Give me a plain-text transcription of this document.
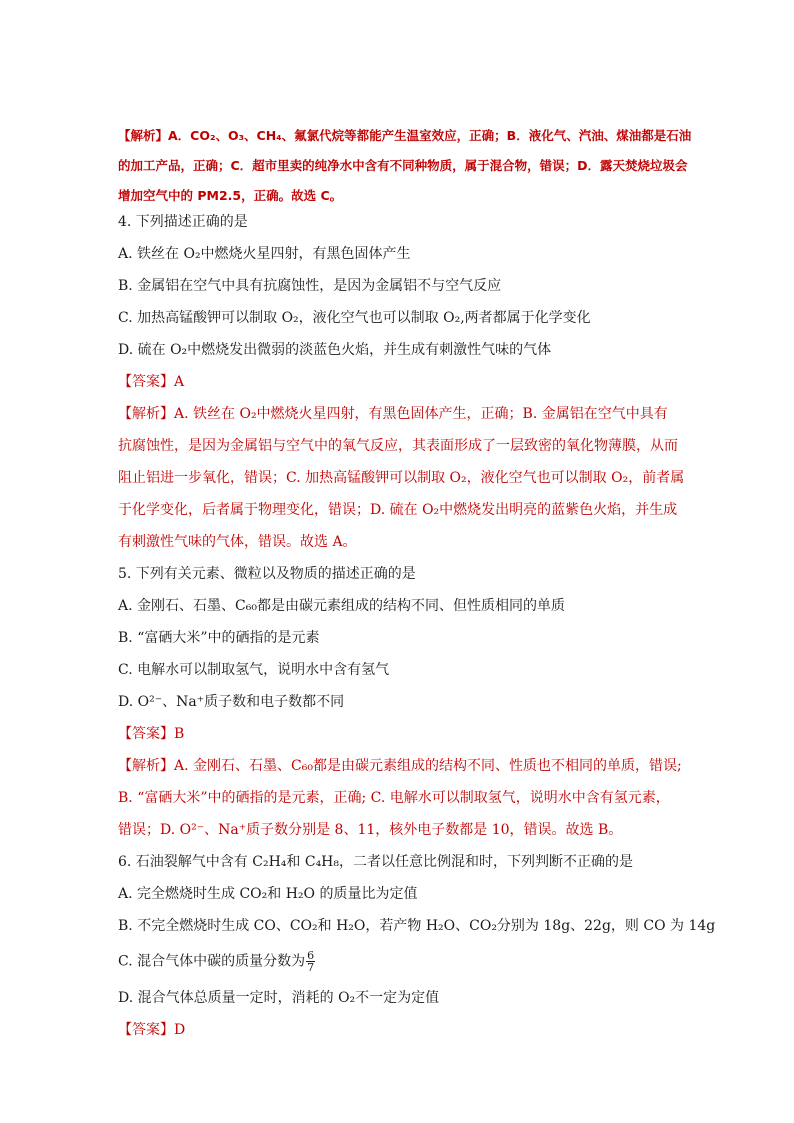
【解析】A．CO₂、O₃、CH₄、氟氯代烷等都能产生温室效应，正确；B．液化气、汽油、煤油都是石油
的加工产品，正确；C．超市里卖的纯净水中含有不同种物质，属于混合物，错误；D．露天焚烧垃圾会
增加空气中的 PM2.5，正确。故选 C。
4. 下列描述正确的是
A. 铁丝在 O₂中燃烧火星四射，有黑色固体产生
B. 金属铝在空气中具有抗腐蚀性，是因为金属铝不与空气反应
C. 加热高锰酸钾可以制取 O₂，液化空气也可以制取 O₂,两者都属于化学变化
D. 硫在 O₂中燃烧发出微弱的淡蓝色火焰，并生成有刺激性气味的气体
【答案】A
【解析】A. 铁丝在 O₂中燃烧火星四射，有黑色固体产生，正确；B. 金属铝在空气中具有
抗腐蚀性，是因为金属铝与空气中的氧气反应，其表面形成了一层致密的氧化物薄膜，从而
阻止铝进一步氧化，错误；C. 加热高锰酸钾可以制取 O₂，液化空气也可以制取 O₂，前者属
于化学变化，后者属于物理变化，错误；D. 硫在 O₂中燃烧发出明亮的蓝紫色火焰，并生成
有刺激性气味的气体，错误。故选 A。
5. 下列有关元素、微粒以及物质的描述正确的是
A. 金刚石、石墨、C₆₀都是由碳元素组成的结构不同、但性质相同的单质
B. “富硒大米”中的硒指的是元素
C. 电解水可以制取氢气，说明水中含有氢气
D. O²⁻、Na⁺质子数和电子数都不同
【答案】B
【解析】A. 金刚石、石墨、C₆₀都是由碳元素组成的结构不同、性质也不相同的单质，错误;
B. “富硒大米”中的硒指的是元素，正确; C. 电解水可以制取氢气，说明水中含有氢元素，
错误；D. O²⁻、Na⁺质子数分别是 8、11，核外电子数都是 10，错误。故选 B。
6. 石油裂解气中含有 C₂H₄和 C₄H₈，二者以任意比例混和时，下列判断不正确的是
A. 完全燃烧时生成 CO₂和 H₂O 的质量比为定值
B. 不完全燃烧时生成 CO、CO₂和 H₂O，若产物 H₂O、CO₂分别为 18g、22g，则 CO 为 14g
C. 混合气体中碳的质量分数为 $\frac{6}{7}$
D. 混合气体总质量一定时，消耗的 O₂不一定为定值
【答案】D
